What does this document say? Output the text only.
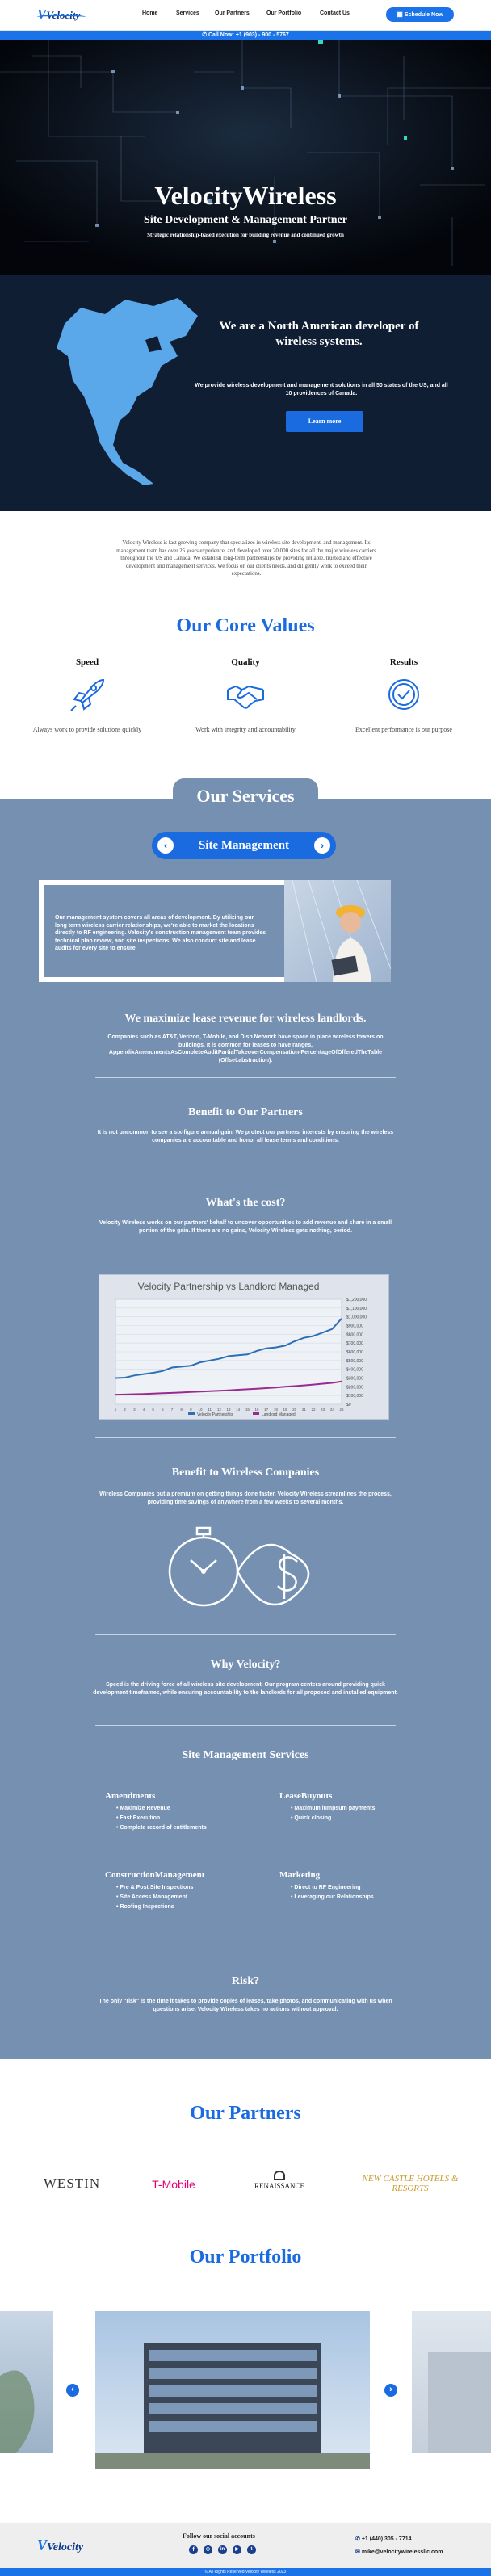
VVelocity	Home	Services	Our Partners	Our Portfolio	Contact Us	▦ Schedule Now
✆ Call Now: +1 (903) - 900 - 5767
VelocityWireless
Site Development & Management Partner
Strategic relationship-based execution for building revenue and continued growth
We are a North American developer of wireless systems.
We provide wireless development and management solutions in all 50 states of the US, and all 10 providences of Canada.
Learn more
Velocity Wireless is fast growing company that specializes in wireless site development, and management. Its management team has over 25 years experience, and developed over 20,000 sites for all the major wireless carriers throughout the US and Canada. We establish long-term partnerships by providing reliable, trusted and effective development and management services. We focus on our clients needs, and diligently work to exceed their expectations.
Our Core Values
Speed
Always work to provide solutions quickly
Quality
Work with integrity and accountability
Results
Excellent performance is our purpose
Our Services
Site Management
‹	›

Our management system covers all areas of development. By utilizing our long term wireless carrier relationships, we're able to market the locations directly to RF engineering. Velocity's construction management team provides technical plan review, and site inspections. We also conduct site and lease audits for every site to ensure

We maximize lease revenue for wireless landlords.
Companies such as AT&T, Verizon, T-Mobile, and Dish Network have space in place wireless towers on buildings. It is common for leases to have ranges, AppendixAmendmentsAsCompleteAuditPartialTakeoverCompensation-PercentageOfOfferedTheTable (Offset.abstraction).
Benefit to Our Partners
It is not uncommon to see a six-figure annual gain. We protect our partners' interests by ensuring the wireless companies are accountable and honor all lease terms and conditions.
What's the cost?
Velocity Wireless works on our partners' behalf to uncover opportunities to add revenue and share in a small portion of the gain. If there are no gains, Velocity Wireless gets nothing, period.
Velocity Partnership vs Landlord Managed
$1,200,000
$1,100,000
$1,000,000
$900,000
$800,000
$700,000
$600,000
$500,000
$400,000
$300,000
$200,000
$100,000
$0
1 2 3 4 5 6 7 8 9 10 11 12 13 14 15 16 17 18 19 20 21 22 23 24 25
Velocity Partnership	Landlord Managed
Benefit to Wireless Companies
Wireless Companies put a premium on getting things done faster. Velocity Wireless streamlines the process, providing time savings of anywhere from a few weeks to several months.
Why Velocity?
Speed is the driving force of all wireless site development. Our program centers around providing quick development timeframes, while ensuring accountability to the landlords for all proposed and installed equipment.
Site Management Services
Amendments
• Maximize Revenue
• Fast Execution
• Complete record of entitlements
LeaseBuyouts
• Maximum lumpsum payments
• Quick closing
ConstructionManagement
• Pre & Post Site Inspections
• Site Access Management
• Roofing Inspections
Marketing
• Direct to RF Engineering
• Leveraging our Relationships
Risk?
The only "risk" is the time it takes to provide copies of leases, take photos, and communicating with us when questions arise. Velocity Wireless takes no actions without approval.
Our Partners
WESTIN	T-Mobile	RENAISSANCE
NEW CASTLE HOTELS & RESORTS
Our Portfolio
‹	›
VVelocity
Follow our social accounts
f	◎	in	▶	t
✆ +1 (440) 305 - 7714
✉ mike@velocitywirelessllc.com
© All Rights Reserved Velocity Wireless 2023
